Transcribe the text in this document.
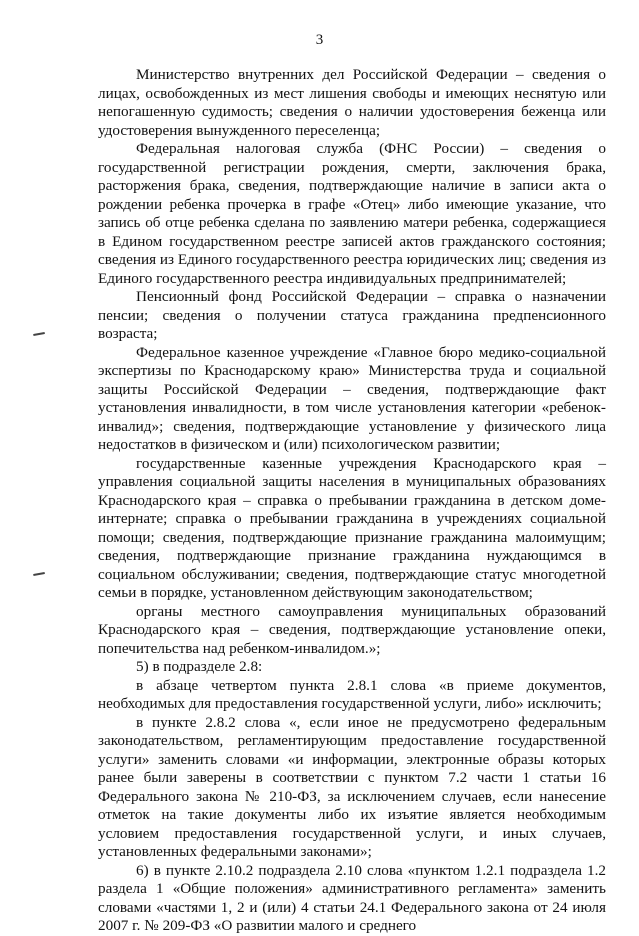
3

Министерство внутренних дел Российской Федерации – сведения о лицах, освобожденных из мест лишения свободы и имеющих неснятую или непогашенную судимость; сведения о наличии удостоверения беженца или удостоверения вынужденного переселенца;

Федеральная налоговая служба (ФНС России) – сведения о государственной регистрации рождения, смерти, заключения брака, расторжения брака, сведения, подтверждающие наличие в записи акта о рождении ребенка прочерка в графе «Отец» либо имеющие указание, что запись об отце ребенка сделана по заявлению матери ребенка, содержащиеся в Едином государственном реестре записей актов гражданского состояния; сведения из Единого государственного реестра юридических лиц; сведения из Единого государственного реестра индивидуальных предпринимателей;

Пенсионный фонд Российской Федерации – справка о назначении пенсии; сведения о получении статуса гражданина предпенсионного возраста;

Федеральное казенное учреждение «Главное бюро медико-социальной экспертизы по Краснодарскому краю» Министерства труда и социальной защиты Российской Федерации – сведения, подтверждающие факт установления инвалидности, в том числе установления категории «ребенок-инвалид»; сведения, подтверждающие установление у физического лица недостатков в физическом и (или) психологическом развитии;

государственные казенные учреждения Краснодарского края – управления социальной защиты населения в муниципальных образованиях Краснодарского края – справка о пребывании гражданина в детском доме-интернате; справка о пребывании гражданина в учреждениях социальной помощи; сведения, подтверждающие признание гражданина малоимущим; сведения, подтверждающие признание гражданина нуждающимся в социальном обслуживании; сведения, подтверждающие статус многодетной семьи в порядке, установленном действующим законодательством;

органы местного самоуправления муниципальных образований Краснодарского края – сведения, подтверждающие установление опеки, попечительства над ребенком-инвалидом.»;

5) в подразделе 2.8:

в абзаце четвертом пункта 2.8.1 слова «в приеме документов, необходимых для предоставления государственной услуги, либо» исключить;

в пункте 2.8.2 слова «, если иное не предусмотрено федеральным законодательством, регламентирующим предоставление государственной услуги» заменить словами «и информации, электронные образы которых ранее были заверены в соответствии с пунктом 7.2 части 1 статьи 16 Федерального закона № 210-ФЗ, за исключением случаев, если нанесение отметок на такие документы либо их изъятие является необходимым условием предоставления государственной услуги, и иных случаев, установленных федеральными законами»;

6) в пункте 2.10.2 подраздела 2.10 слова «пунктом 1.2.1 подраздела 1.2 раздела 1 «Общие положения» административного регламента» заменить словами «частями 1, 2 и (или) 4 статьи 24.1 Федерального закона от 24 июля 2007 г. № 209-ФЗ «О развитии малого и среднего
